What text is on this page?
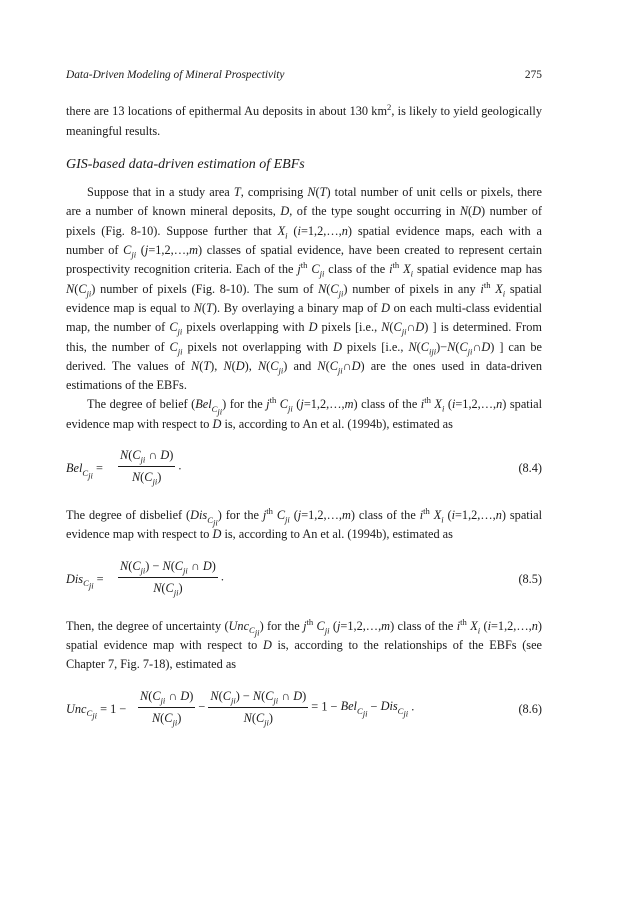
Data-Driven Modeling of Mineral Prospectivity	275

there are 13 locations of epithermal Au deposits in about 130 $km^2$, is likely to yield geologically meaningful results.

GIS-based data-driven estimation of EBFs

Suppose that in a study area T, comprising N(T) total number of unit cells or pixels, there are a number of known mineral deposits, D, of the type sought occurring in N(D) number of pixels (Fig. 8-10). Suppose further that $X_i$ (i=1,2,…,n) spatial evidence maps, each with a number of $C_{ji}$ (j=1,2,…,m) classes of spatial evidence, have been created to represent certain prospectivity recognition criteria. Each of the $j^{th}$ $C_{ji}$ class of the $i^{th}$ $X_i$ spatial evidence map has $N(C_{ji})$ number of pixels (Fig. 8-10). The sum of $N(C_{ji})$ number of pixels in any $i^{th}$ $X_i$ spatial evidence map is equal to N(T). By overlaying a binary map of D on each multi-class evidential map, the number of $C_{ji}$ pixels overlapping with D pixels [i.e., $N(C_{ji}\cap D)$ ] is determined. From this, the number of $C_{ji}$ pixels not overlapping with D pixels [i.e., $N(C_{iji})-N(C_{ji}\cap D)$ ] can be derived. The values of N(T), N(D), $N(C_{ji})$ and $N(C_{ji}\cap D)$ are the ones used in data-driven estimations of the EBFs.

The degree of belief (Bel$_{C_{ji}}$) for the $j^{th}$ $C_{ji}$ (j=1,2,…,m) class of the $i^{th}$ $X_i$ (i=1,2,…,n) spatial evidence map with respect to D is, according to An et al. (1994b), estimated as

$Bel_{C_{ji}} = \frac{N(C_{ji} \cap D)}{N(C_{ji})}$ .	(8.4)

The degree of disbelief (Dis$_{C_{ji}}$) for the $j^{th}$ $C_{ji}$ (j=1,2,…,m) class of the $i^{th}$ $X_i$ (i=1,2,…,n) spatial evidence map with respect to D is, according to An et al. (1994b), estimated as

$Dis_{C_{ji}} = \frac{N(C_{ji}) - N(C_{ji} \cap D)}{N(C_{ji})}$ .	(8.5)

Then, the degree of uncertainty (Unc$_{C_{ji}}$) for the $j^{th}$ $C_{ji}$ (j=1,2,…,m) class of the $i^{th}$ $X_i$ (i=1,2,…,n) spatial evidence map with respect to D is, according to the relationships of the EBFs (see Chapter 7, Fig. 7-18), estimated as

$Unc_{C_{ji}} = 1 - \frac{N(C_{ji} \cap D)}{N(C_{ji})} - \frac{N(C_{ji}) - N(C_{ji} \cap D)}{N(C_{ji})} = 1 - Bel_{C_{ji}} - Dis_{C_{ji}}$ .	(8.6)
